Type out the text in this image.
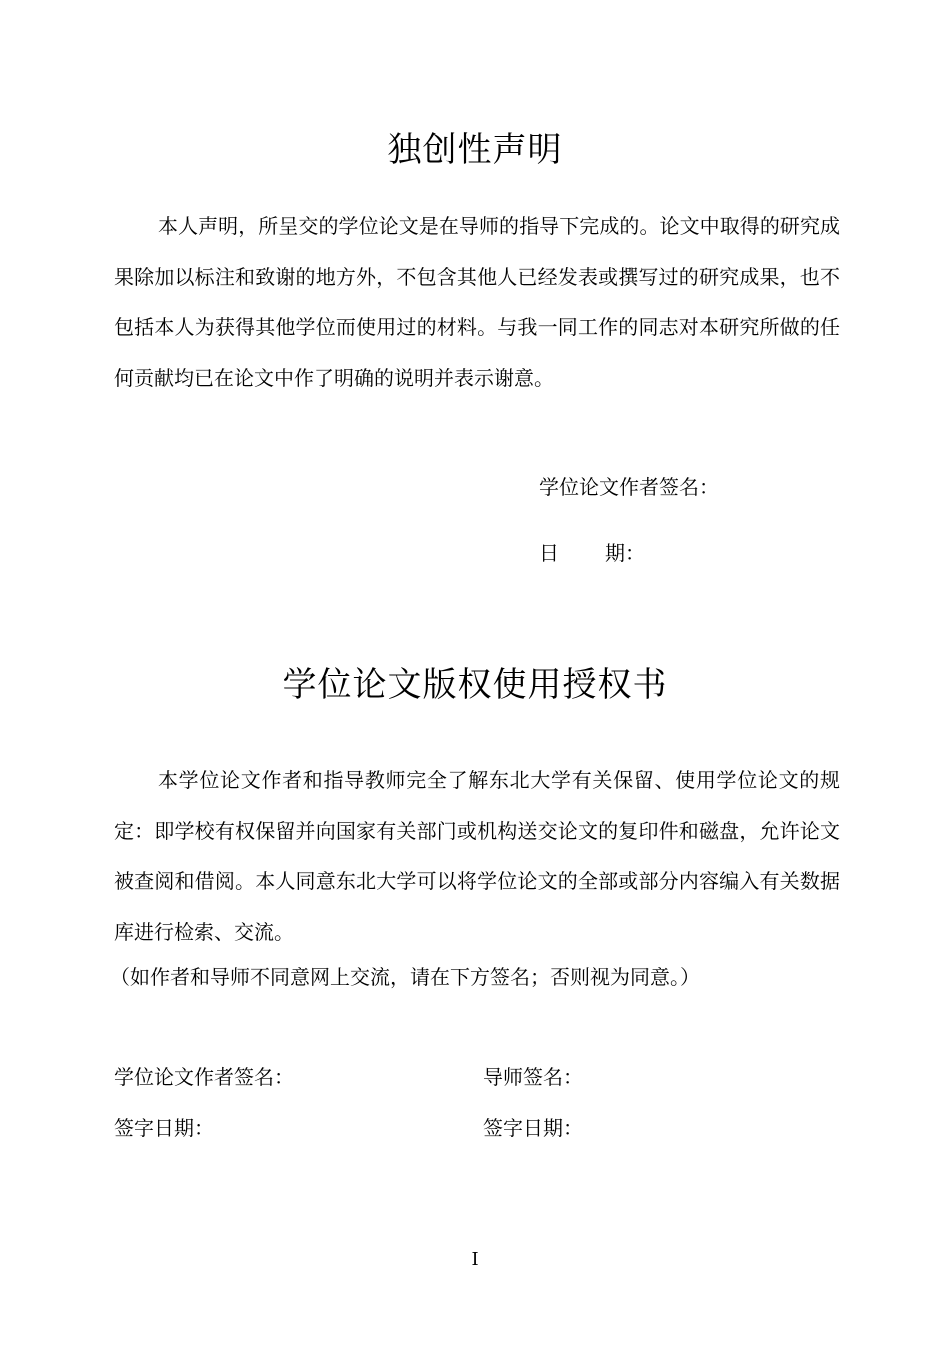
独创性声明

本人声明，所呈交的学位论文是在导师的指导下完成的。论文中取得的研究成果除加以标注和致谢的地方外，不包含其他人已经发表或撰写过的研究成果，也不包括本人为获得其他学位而使用过的材料。与我一同工作的同志对本研究所做的任何贡献均已在论文中作了明确的说明并表示谢意。

学位论文作者签名：
日 期：
学位论文版权使用授权书

本学位论文作者和指导教师完全了解东北大学有关保留、使用学位论文的规定：即学校有权保留并向国家有关部门或机构送交论文的复印件和磁盘，允许论文被查阅和借阅。本人同意东北大学可以将学位论文的全部或部分内容编入有关数据库进行检索、交流。

（如作者和导师不同意网上交流，请在下方签名；否则视为同意。）
学位论文作者签名：	导师签名：
签字日期：	签字日期：
I
